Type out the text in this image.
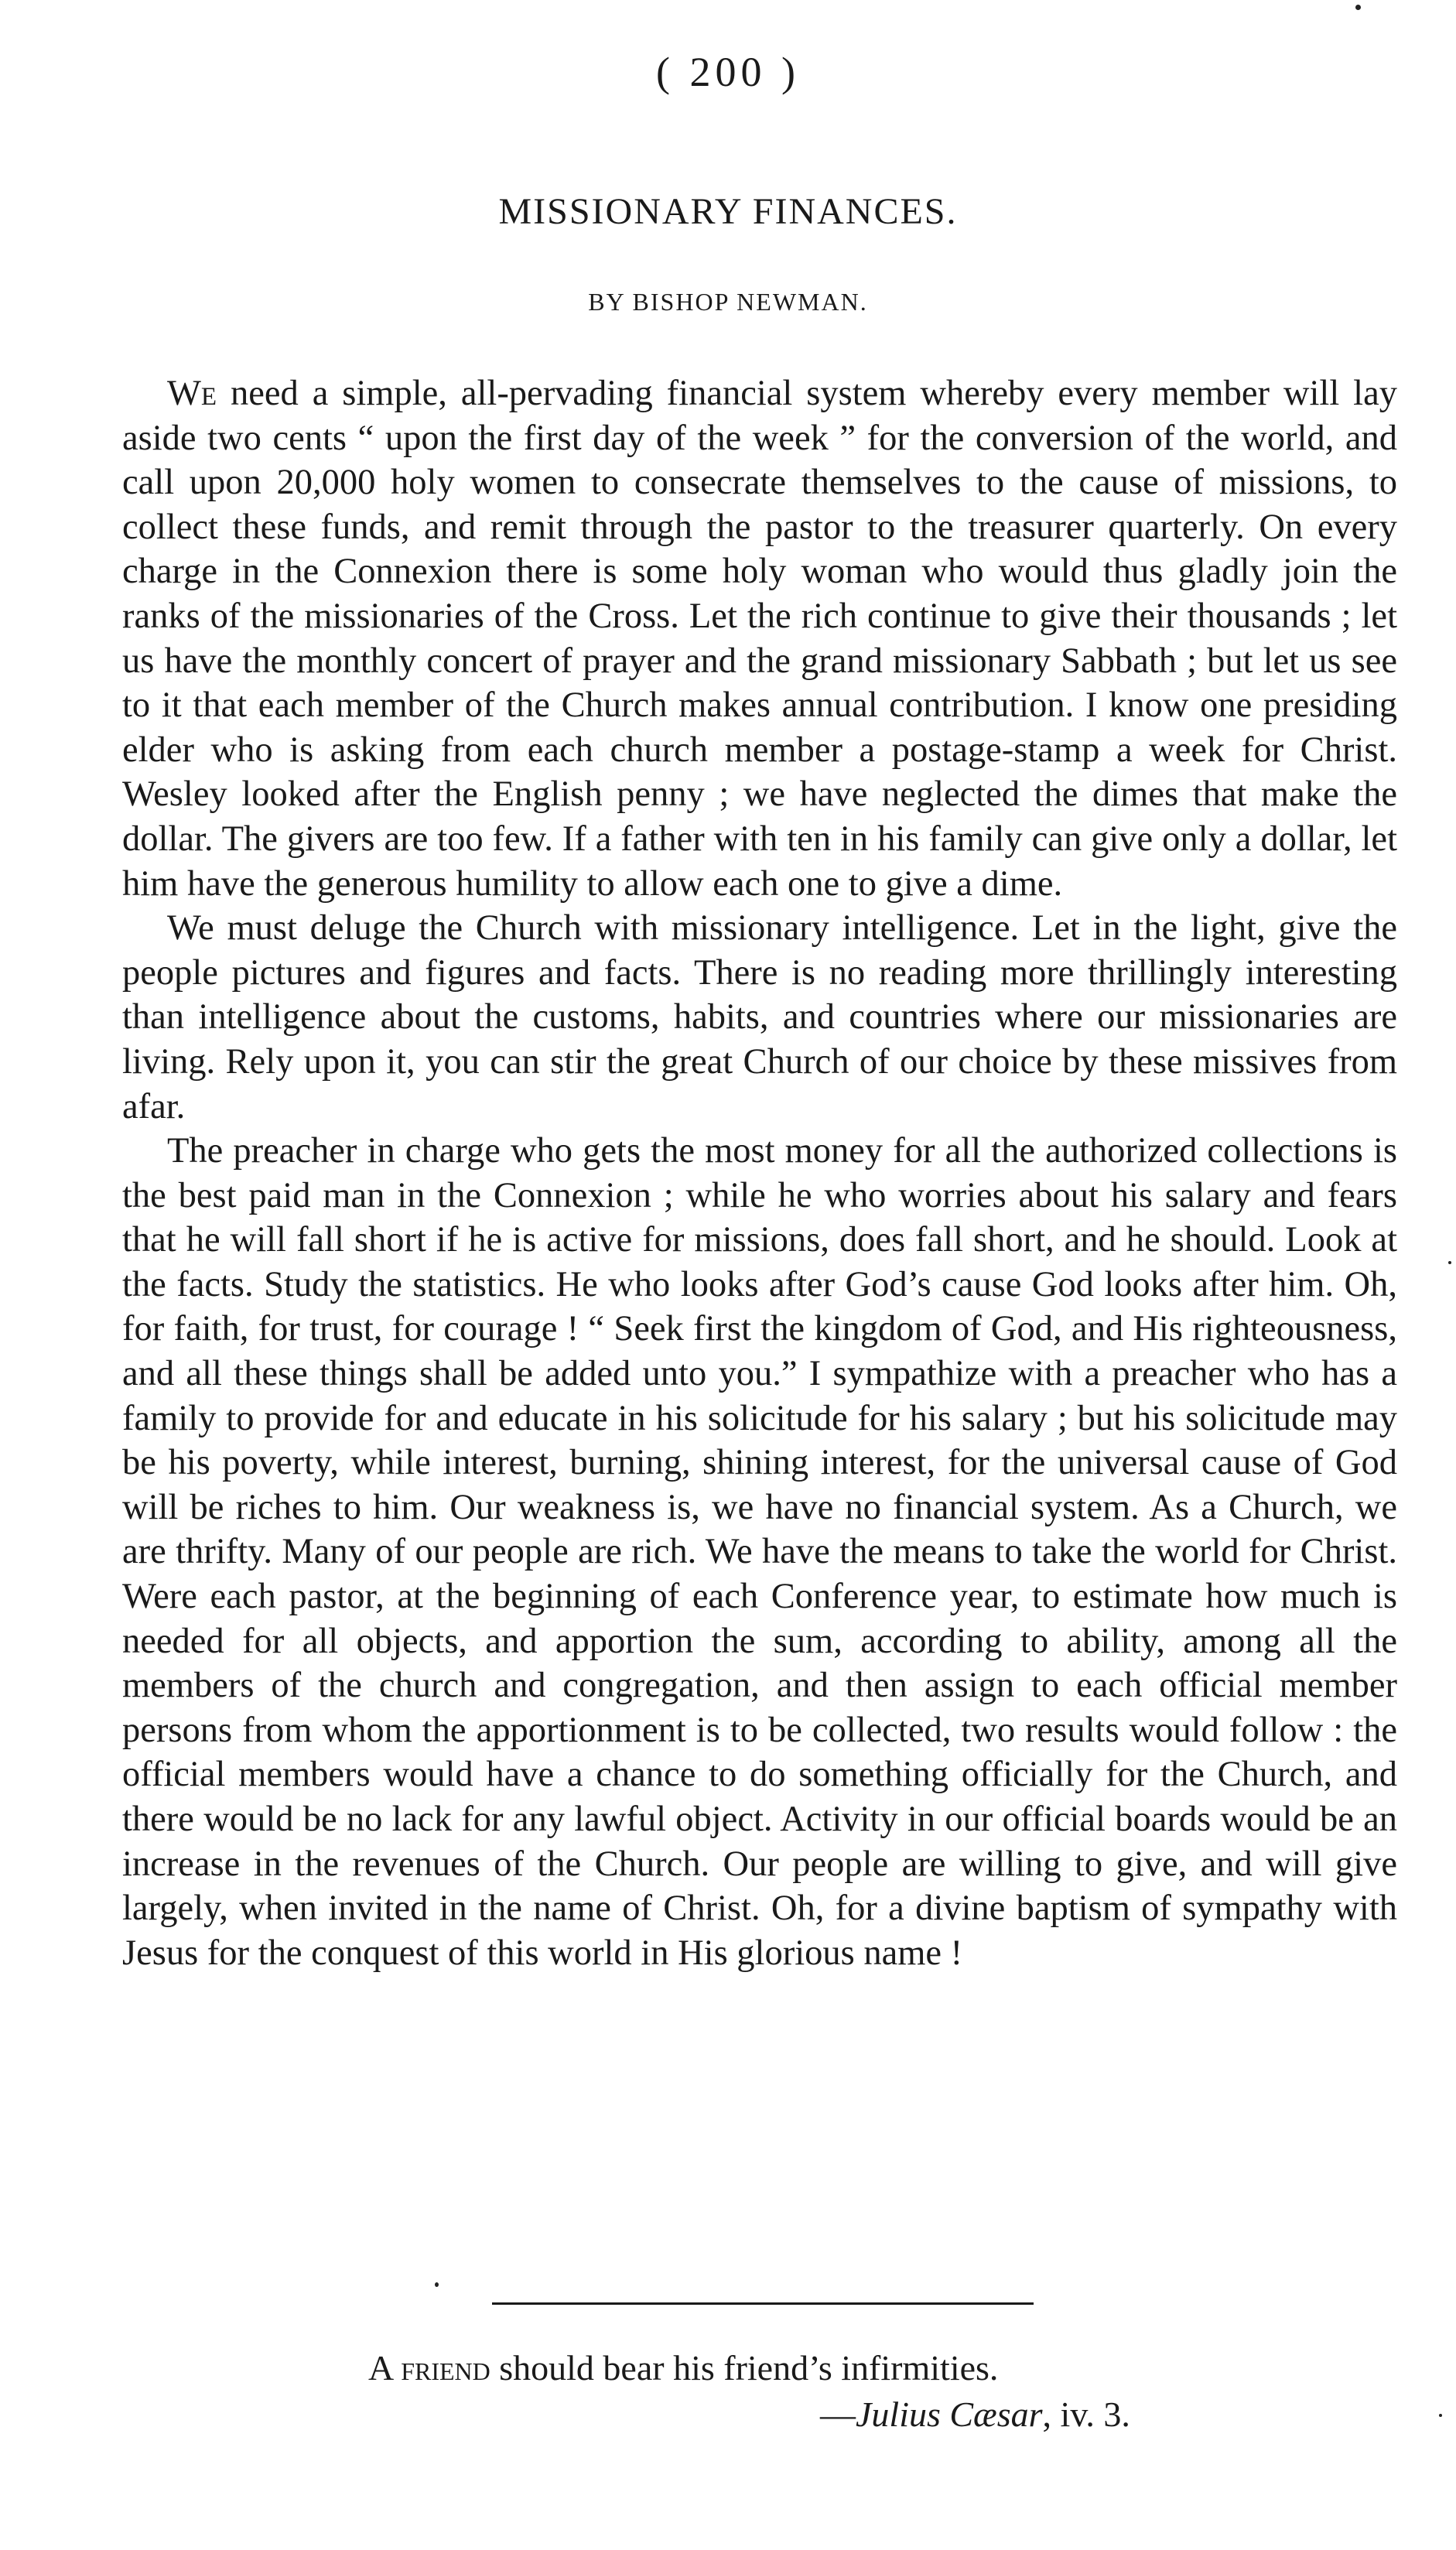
( 200 )
MISSIONARY FINANCES.
BY BISHOP NEWMAN.

We need a simple, all-pervading financial system whereby every member will lay aside two cents “ upon the first day of the week ” for the conversion of the world, and call upon 20,000 holy women to consecrate themselves to the cause of missions, to collect these funds, and remit through the pastor to the treasurer quarterly. On every charge in the Connexion there is some holy woman who would thus gladly join the ranks of the missionaries of the Cross. Let the rich continue to give their thousands ; let us have the monthly concert of prayer and the grand missionary Sabbath ; but let us see to it that each member of the Church makes annual contribution. I know one presiding elder who is asking from each church member a postage-stamp a week for Christ. Wesley looked after the English penny ; we have neglected the dimes that make the dollar. The givers are too few. If a father with ten in his family can give only a dollar, let him have the generous humility to allow each one to give a dime.

We must deluge the Church with missionary intelligence. Let in the light, give the people pictures and figures and facts. There is no reading more thrillingly interesting than intelligence about the customs, habits, and countries where our missionaries are living. Rely upon it, you can stir the great Church of our choice by these missives from afar.

The preacher in charge who gets the most money for all the authorized collections is the best paid man in the Connexion ; while he who worries about his salary and fears that he will fall short if he is active for missions, does fall short, and he should. Look at the facts. Study the statistics. He who looks after God’s cause God looks after him. Oh, for faith, for trust, for courage ! “ Seek first the kingdom of God, and His righteousness, and all these things shall be added unto you.” I sympathize with a preacher who has a family to provide for and educate in his solicitude for his salary ; but his solicitude may be his poverty, while interest, burning, shining interest, for the universal cause of God will be riches to him. Our weakness is, we have no financial system. As a Church, we are thrifty. Many of our people are rich. We have the means to take the world for Christ. Were each pastor, at the beginning of each Conference year, to estimate how much is needed for all objects, and apportion the sum, according to ability, among all the members of the church and congregation, and then assign to each official member persons from whom the apportionment is to be collected, two results would follow : the official members would have a chance to do something officially for the Church, and there would be no lack for any lawful object. Activity in our official boards would be an increase in the revenues of the Church. Our people are willing to give, and will give largely, when invited in the name of Christ. Oh, for a divine baptism of sympathy with Jesus for the conquest of this world in His glorious name !

A friend should bear his friend’s infirmities.
—Julius Cæsar, iv. 3.
